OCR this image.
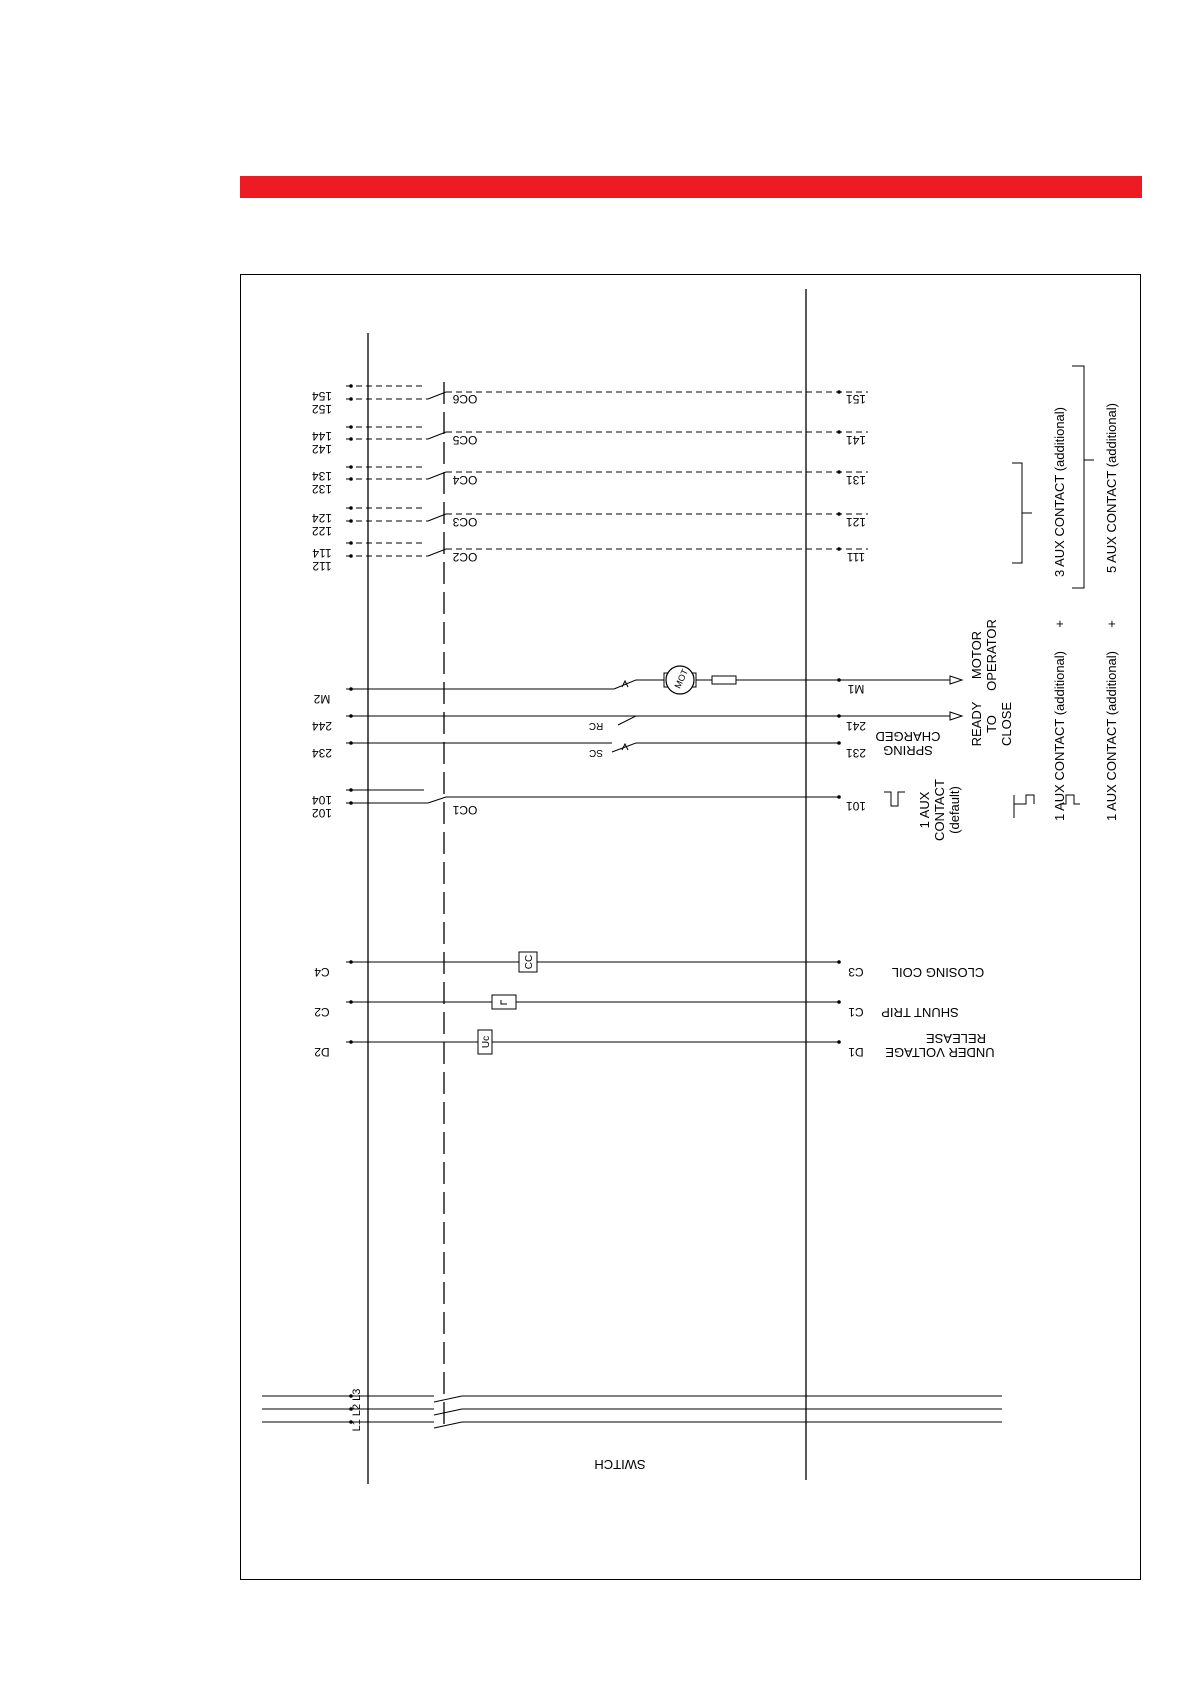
154
152
OC6	151
144
142
OC5	141
134
132
OC4	131
124
122
OC3	121
114
112
OC2	111
M2
M1
244	241
RC
234	231
SC
104
102	OC1	101
C4	C3
C2	C1
D2	D1
MOT
CC
Uc
L1 L2 L3
MOTOR OPERATOR
READY TO CLOSE
SPRING
CHARGED
1 AUX CONTACT (default)
CLOSING COIL
SHUNT TRIP
UNDER VOLTAGE
RELEASE
SWITCH
3 AUX CONTACT (additional)
+
1 AUX CONTACT (additional)
5 AUX CONTACT (additional)
+
1 AUX CONTACT (additional)
